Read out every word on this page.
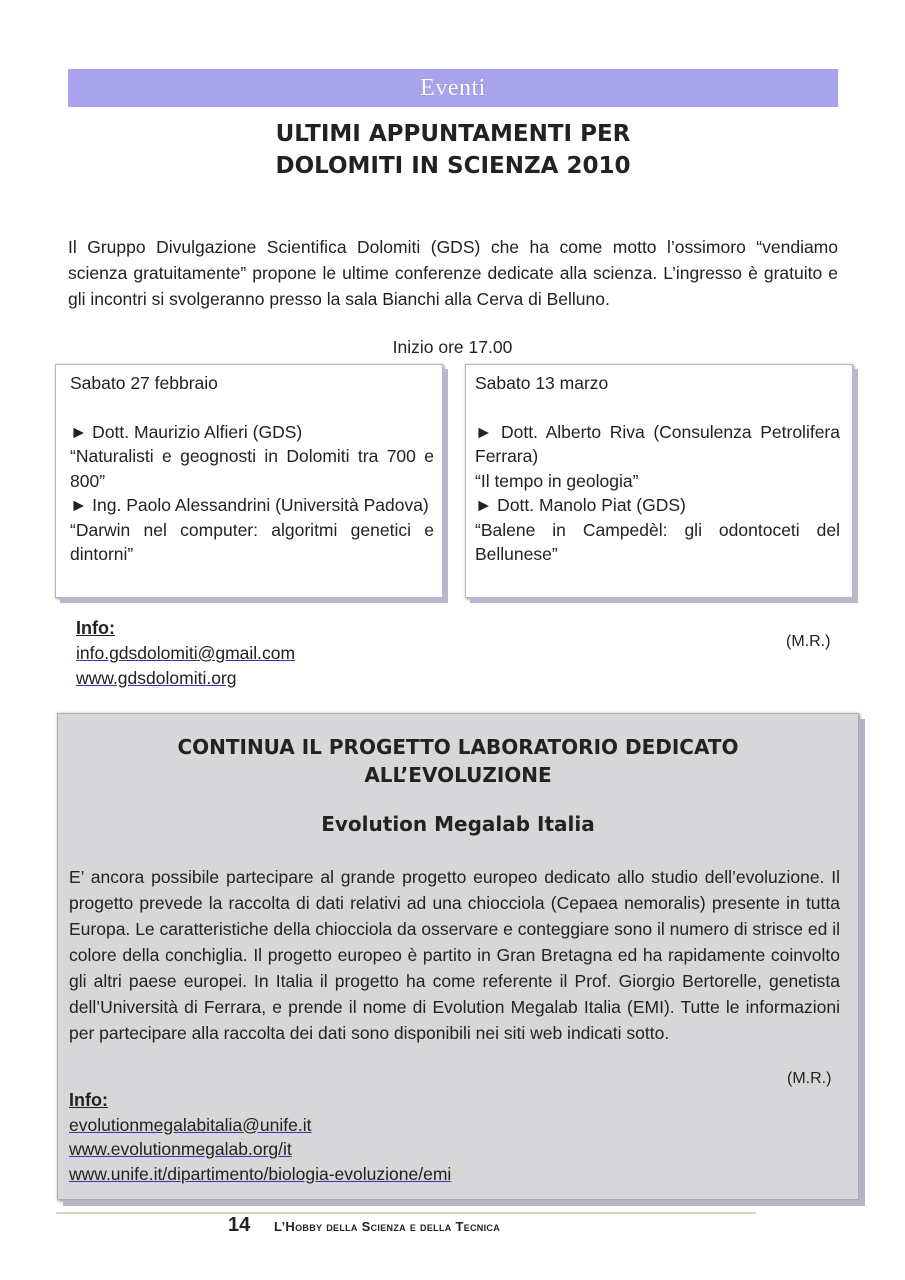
Eventi
ULTIMI APPUNTAMENTI PER
DOLOMITI IN SCIENZA 2010
Il Gruppo Divulgazione Scientifica Dolomiti (GDS) che ha come motto l’ossimoro “vendiamo scienza gratuitamente” propone le ultime conferenze dedicate alla scienza. L’ingresso è gratuito e gli incontri si svolgeranno presso la sala Bianchi alla Cerva di Belluno.
Inizio ore 17.00
Sabato 27 febbraio
► Dott. Maurizio Alfieri (GDS)
“Naturalisti e geognosti in Dolomiti tra 700 e 800”
► Ing. Paolo Alessandrini (Università Padova)
“Darwin nel computer: algoritmi genetici e dintorni”
Sabato 13 marzo
► Dott. Alberto Riva (Consulenza Petrolifera Ferrara)
“Il tempo in geologia”
► Dott. Manolo Piat (GDS)
“Balene in Campedèl: gli odontoceti del Bellunese”
Info:
info.gdsdolomiti@gmail.com
www.gdsdolomiti.org
(M.R.)
CONTINUA IL PROGETTO LABORATORIO DEDICATO
ALL’EVOLUZIONE
Evolution Megalab Italia
E’ ancora possibile partecipare al grande progetto europeo dedicato allo studio dell’evoluzione. Il progetto prevede la raccolta di dati relativi ad una chiocciola (Cepaea nemoralis) presente in tutta Europa. Le caratteristiche della chiocciola da osservare e conteggiare sono il numero di strisce ed il colore della conchiglia. Il progetto europeo è partito in Gran Bretagna ed ha rapidamente coinvolto gli altri paese europei. In Italia il progetto ha come referente il Prof. Giorgio Bertorelle, genetista dell’Università di Ferrara, e prende il nome di Evolution Megalab Italia (EMI). Tutte le informazioni per partecipare alla raccolta dei dati sono disponibili nei siti web indicati sotto.
(M.R.)
Info:
evolutionmegalabitalia@unife.it
www.evolutionmegalab.org/it
www.unife.it/dipartimento/biologia-evoluzione/emi
14 L’Hobby della Scienza e della Tecnica
